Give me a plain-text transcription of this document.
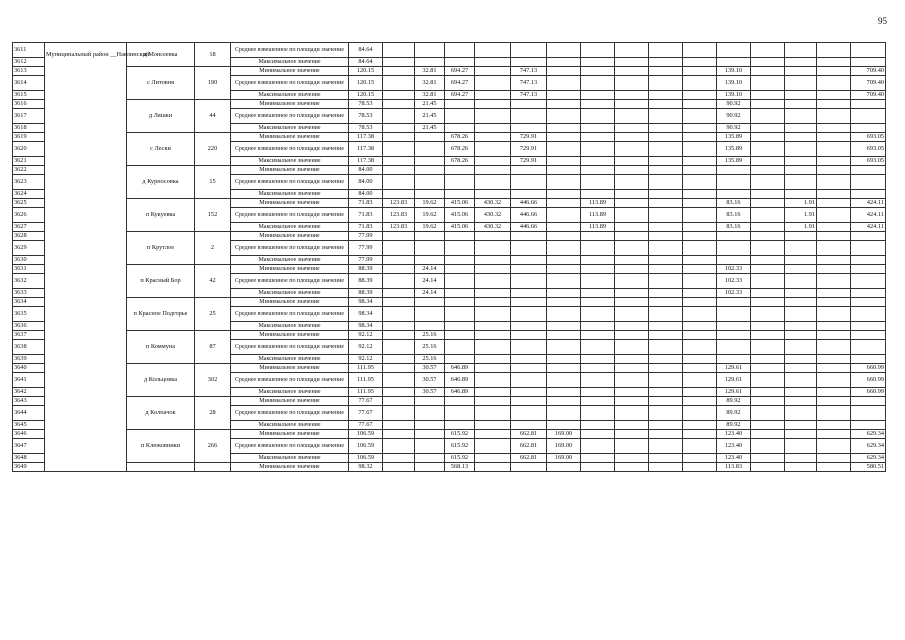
95
3611	Муниципальный район __Навлинский	д Моисеевка	18	Среднее взвешенное по площади значение	84.64															
3612				Максимальное значение	84.64															
3613		с Литовня	190	Минимальное значение	120.15		32.81	694.27		747.13						139.10				709.40
3614				Среднее взвешенное по площади значение	120.15		32.81	694.27		747.13						139.10				709.40
3615				Максимальное значение	120.15		32.81	694.27		747.13						139.10				709.40
3616		д Ляшки	44	Минимальное значение	78.53		21.45									90.92				
3617				Среднее взвешенное по площади значение	78.53		21.45									90.92				
3618				Максимальное значение	78.53		21.45									90.92				
3619		с Лески	220	Минимальное значение	117.38			678.26		729.91						135.89				693.05
3620				Среднее взвешенное по площади значение	117.38			678.26		729.91						135.89				693.05
3621				Максимальное значение	117.38			678.26		729.91						135.89				693.05
3622		д Курносовка	15	Минимальное значение	84.00															
3623				Среднее взвешенное по площади значение	84.00															
3624				Максимальное значение	84.00															
3625		п Кукуевка	152	Минимальное значение	71.83	123.83	19.62	415.06	430.32	446.66		113.89				83.16		1.91		424.11
3626				Среднее взвешенное по площади значение	71.83	123.83	19.62	415.06	430.32	446.66		113.89				83.16		1.91		424.11
3627				Максимальное значение	71.83	123.83	19.62	415.06	430.32	446.66		113.89				83.16		1.91		424.11
3628		п Крутлое	2	Минимальное значение	77.99															
3629				Среднее взвешенное по площади значение	77.99															
3630				Максимальное значение	77.99															
3631		п Красный Бор	42	Минимальное значение	88.39		24.14									102.33				
3632				Среднее взвешенное по площади значение	88.39		24.14									102.33				
3633				Максимальное значение	88.39		24.14									102.33				
3634		п Красное Подгорье	25	Минимальное значение	98.34															
3635				Среднее взвешенное по площади значение	98.34															
3636				Максимальное значение	98.34															
3637		п Коммуна	87	Минимальное значение	92.12		25.16													
3638				Среднее взвешенное по площади значение	92.12		25.16													
3639				Максимальное значение	92.12		25.16													
3640		д Кольцовка	302	Минимальное значение	111.95		30.57	646.89								129.61				660.99
3641				Среднее взвешенное по площади значение	111.95		30.57	646.89								129.61				660.99
3642				Максимальное значение	111.95		30.57	646.89								129.61				660.99
3643		д Колпачок	28	Минимальное значение	77.67											89.92				
3644				Среднее взвешенное по площади значение	77.67											89.92				
3645				Максимальное значение	77.67											89.92				
3646		п Клюковники	266	Минимальное значение	106.59			615.92		662.81	169.00					123.40				629.34
3647				Среднее взвешенное по площади значение	106.59			615.92		662.81	169.00					123.40				629.34
3648				Максимальное значение	106.59			615.92		662.81	169.00					123.40				629.34
3649				Минимальное значение	98.32			568.13								113.83				580.51
